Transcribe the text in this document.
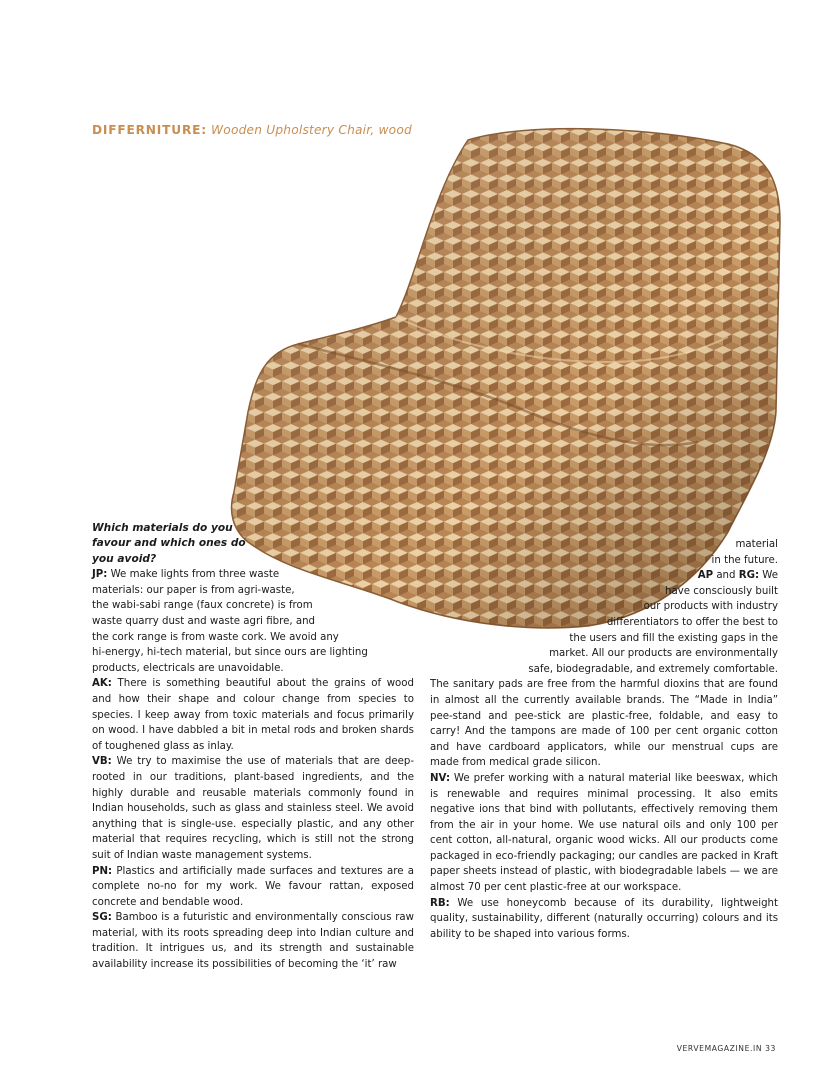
DIFFERNITURE: Wooden Upholstery Chair, wood

Which materials do you
favour and which ones do
you avoid?

JP: We make lights from three waste
materials: our paper is from agri-waste,
the wabi-sabi range (faux concrete) is from
waste quarry dust and waste agri fibre, and
the cork range is from waste cork. We avoid any
hi-energy, hi-tech material, but since ours are lighting
products, electricals are unavoidable.

AK: There is something beautiful about the grains of wood and how their shape and colour change from species to species. I keep away from toxic materials and focus primarily on wood. I have dabbled a bit in metal rods and broken shards of toughened glass as inlay.

VB: We try to maximise the use of materials that are deep-rooted in our traditions, plant-based ingredients, and the highly durable and reusable materials commonly found in Indian households, such as glass and stainless steel. We avoid anything that is single-use. especially plastic, and any other material that requires recycling, which is still not the strong suit of Indian waste management systems.

PN: Plastics and artificially made surfaces and textures are a complete no-no for my work. We favour rattan, exposed concrete and bendable wood.

SG: Bamboo is a futuristic and environmentally conscious raw material, with its roots spreading deep into Indian culture and tradition. It intrigues us, and its strength and sustainable availability increase its possibilities of becoming the ‘it’ raw

material
in the future.

AP and RG: We
have consciously built
our products with industry
differentiators to offer the best to
the users and fill the existing gaps in the
market. All our products are environmentally
safe, biodegradable, and extremely comfortable.

The sanitary pads are free from the harmful dioxins that are found in almost all the currently available brands. The “Made in India” pee-stand and pee-stick are plastic-free, foldable, and easy to carry! And the tampons are made of 100 per cent organic cotton and have cardboard applicators, while our menstrual cups are made from medical grade silicon.

NV: We prefer working with a natural material like beeswax, which is renewable and requires minimal processing. It also emits negative ions that bind with pollutants, effectively removing them from the air in your home. We use natural oils and only 100 per cent cotton, all-natural, organic wood wicks. All our products come packaged in eco-friendly packaging; our candles are packed in Kraft paper sheets instead of plastic, with biodegradable labels — we are almost 70 per cent plastic-free at our workspace.

RB: We use honeycomb because of its durability, lightweight quality, sustainability, different (naturally occurring) colours and its ability to be shaped into various forms.

VERVEMAGAZINE.IN 33
